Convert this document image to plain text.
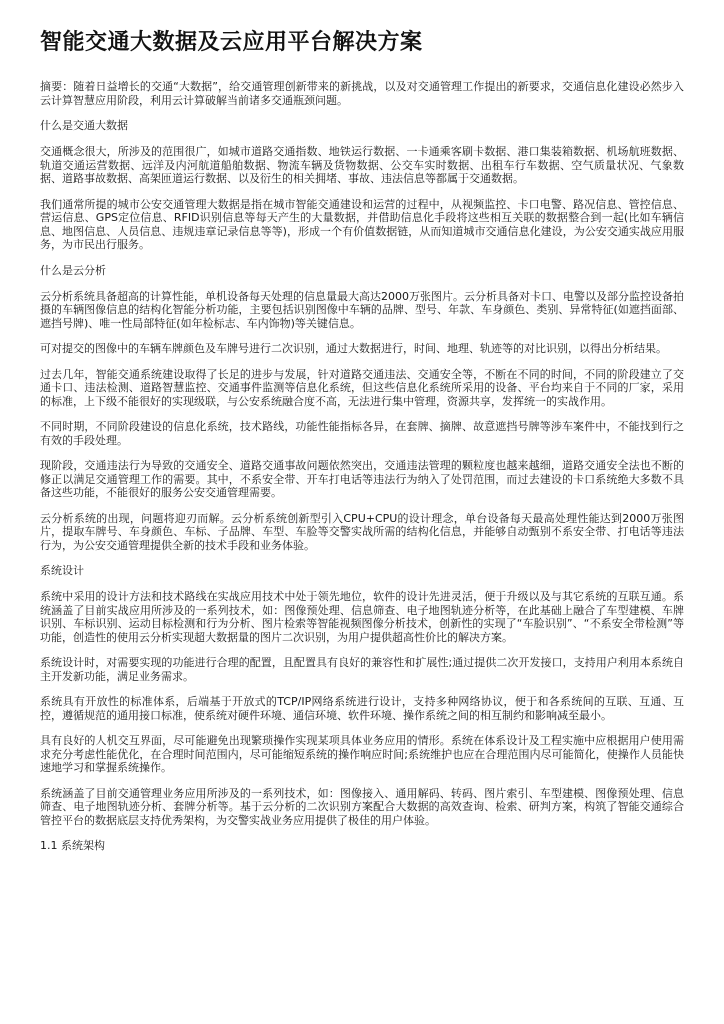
智能交通大数据及云应用平台解决方案

摘要：随着日益增长的交通“大数据”，给交通管理创新带来的新挑战，以及对交通管理工作提出的新要求，交通信息化建设必然步入云计算智慧应用阶段，利用云计算破解当前诸多交通瓶颈问题。

什么是交通大数据

交通概念很大，所涉及的范围很广，如城市道路交通指数、地铁运行数据、一卡通乘客刷卡数据、港口集装箱数据、机场航班数据、轨道交通运营数据、远洋及内河航道船舶数据、物流车辆及货物数据、公交车实时数据、出租车行车数据、空气质量状况、气象数据、道路事故数据、高架匝道运行数据、以及衍生的相关拥堵、事故、违法信息等都属于交通数据。

我们通常所提的城市公安交通管理大数据是指在城市智能交通建设和运营的过程中，从视频监控、卡口电警、路况信息、管控信息、营运信息、GPS定位信息、RFID识别信息等每天产生的大量数据，并借助信息化手段将这些相互关联的数据整合到一起(比如车辆信息、地图信息、人员信息、违规违章记录信息等等)，形成一个有价值数据链，从而知道城市交通信息化建设，为公安交通实战应用服务，为市民出行服务。

什么是云分析

云分析系统具备超高的计算性能，单机设备每天处理的信息量最大高达2000万张图片。云分析具备对卡口、电警以及部分监控设备拍摄的车辆图像信息的结构化智能分析功能，主要包括识别图像中车辆的品牌、型号、年款、车身颜色、类别、异常特征(如遮挡面部、遮挡号牌)、唯一性局部特征(如年检标志、车内饰物)等关键信息。

可对提交的图像中的车辆车牌颜色及车牌号进行二次识别，通过大数据进行，时间、地理、轨迹等的对比识别，以得出分析结果。

过去几年，智能交通系统建设取得了长足的进步与发展，针对道路交通违法、交通安全等，不断在不同的时间，不同的阶段建立了交通卡口、违法检测、道路智慧监控、交通事件监测等信息化系统，但这些信息化系统所采用的设备、平台均来自于不同的厂家，采用的标准，上下级不能很好的实现级联，与公安系统融合度不高，无法进行集中管理，资源共享，发挥统一的实战作用。

不同时期，不同阶段建设的信息化系统，技术路线，功能性能指标各异，在套牌、摘牌、故意遮挡号牌等涉车案件中，不能找到行之有效的手段处理。

现阶段，交通违法行为导致的交通安全、道路交通事故问题依然突出，交通违法管理的颗粒度也越来越细，道路交通安全法也不断的修正以满足交通管理工作的需要。其中，不系安全带、开车打电话等违法行为纳入了处罚范围，而过去建设的卡口系统绝大多数不具备这些功能，不能很好的服务公安交通管理需要。

云分析系统的出现，问题将迎刃而解。云分析系统创新型引入CPU+CPU的设计理念，单台设备每天最高处理性能达到2000万张图片，提取车牌号、车身颜色、车标、子品牌、车型、车脸等交警实战所需的结构化信息，并能够自动甄别不系安全带、打电话等违法行为，为公安交通管理提供全新的技术手段和业务体验。

系统设计

系统中采用的设计方法和技术路线在实战应用技术中处于领先地位，软件的设计先进灵活，便于升级以及与其它系统的互联互通。系统涵盖了目前实战应用所涉及的一系列技术，如：图像预处理、信息筛查、电子地图轨迹分析等，在此基础上融合了车型建模、车牌识别、车标识别、运动目标检测和行为分析、图片检索等智能视频图像分析技术，创新性的实现了“车脸识别”、“不系安全带检测”等功能，创造性的使用云分析实现超大数据量的图片二次识别，为用户提供超高性价比的解决方案。

系统设计时，对需要实现的功能进行合理的配置，且配置具有良好的兼容性和扩展性;通过提供二次开发接口，支持用户利用本系统自主开发新功能，满足业务需求。

系统具有开放性的标准体系，后端基于开放式的TCP/IP网络系统进行设计，支持多种网络协议，便于和各系统间的互联、互通、互控，遵循规范的通用接口标准，使系统对硬件环境、通信环境、软件环境、操作系统之间的相互制约和影响减至最小。

具有良好的人机交互界面，尽可能避免出现繁琐操作实现某项具体业务应用的情形。系统在体系设计及工程实施中应根据用户使用需求充分考虑性能优化，在合理时间范围内，尽可能缩短系统的操作响应时间;系统维护也应在合理范围内尽可能简化，使操作人员能快速地学习和掌握系统操作。

系统涵盖了目前交通管理业务应用所涉及的一系列技术，如：图像接入、通用解码、转码、图片索引、车型建模、图像预处理、信息筛查、电子地图轨迹分析、套牌分析等。基于云分析的二次识别方案配合大数据的高效查询、检索、研判方案，构筑了智能交通综合管控平台的数据底层支持优秀架构，为交警实战业务应用提供了极佳的用户体验。

1.1 系统架构
